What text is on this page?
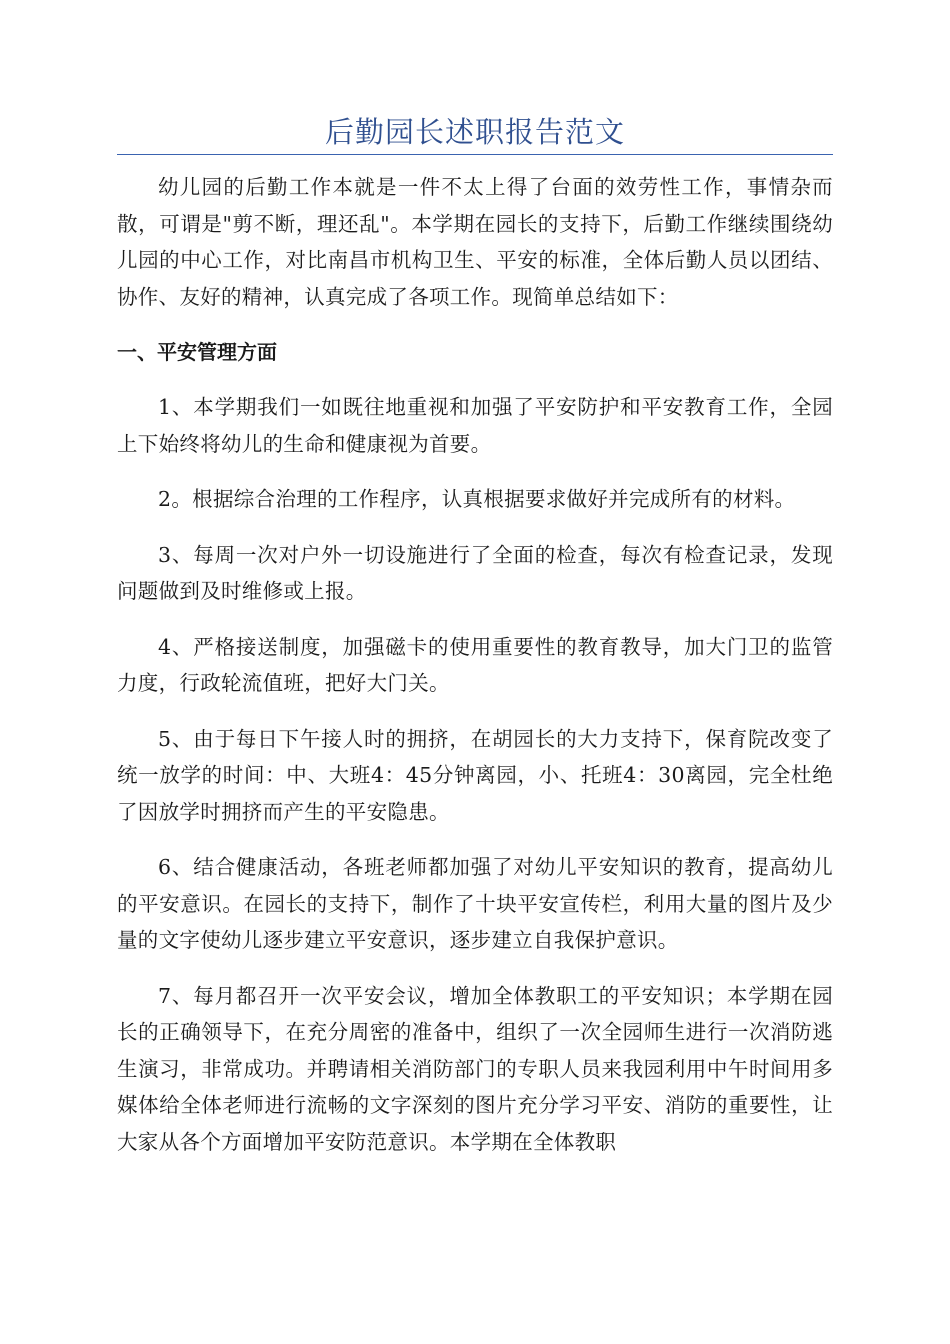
后勤园长述职报告范文

幼儿园的后勤工作本就是一件不太上得了台面的效劳性工作，事情杂而散，可谓是"剪不断，理还乱"。本学期在园长的支持下，后勤工作继续围绕幼儿园的中心工作，对比南昌市机构卫生、平安的标准，全体后勤人员以团结、协作、友好的精神，认真完成了各项工作。现简单总结如下：

一、平安管理方面

1、本学期我们一如既往地重视和加强了平安防护和平安教育工作，全园上下始终将幼儿的生命和健康视为首要。

2。根据综合治理的工作程序，认真根据要求做好并完成所有的材料。

3、每周一次对户外一切设施进行了全面的检查，每次有检查记录，发现问题做到及时维修或上报。

4、严格接送制度，加强磁卡的使用重要性的教育教导，加大门卫的监管力度，行政轮流值班，把好大门关。

5、由于每日下午接人时的拥挤，在胡园长的大力支持下，保育院改变了统一放学的时间：中、大班4：45分钟离园，小、托班4：30离园，完全杜绝了因放学时拥挤而产生的平安隐患。

6、结合健康活动，各班老师都加强了对幼儿平安知识的教育，提高幼儿的平安意识。在园长的支持下，制作了十块平安宣传栏，利用大量的图片及少量的文字使幼儿逐步建立平安意识，逐步建立自我保护意识。

7、每月都召开一次平安会议，增加全体教职工的平安知识；本学期在园长的正确领导下，在充分周密的准备中，组织了一次全园师生进行一次消防逃生演习，非常成功。并聘请相关消防部门的专职人员来我园利用中午时间用多媒体给全体老师进行流畅的文字深刻的图片充分学习平安、消防的重要性，让大家从各个方面增加平安防范意识。本学期在全体教职
